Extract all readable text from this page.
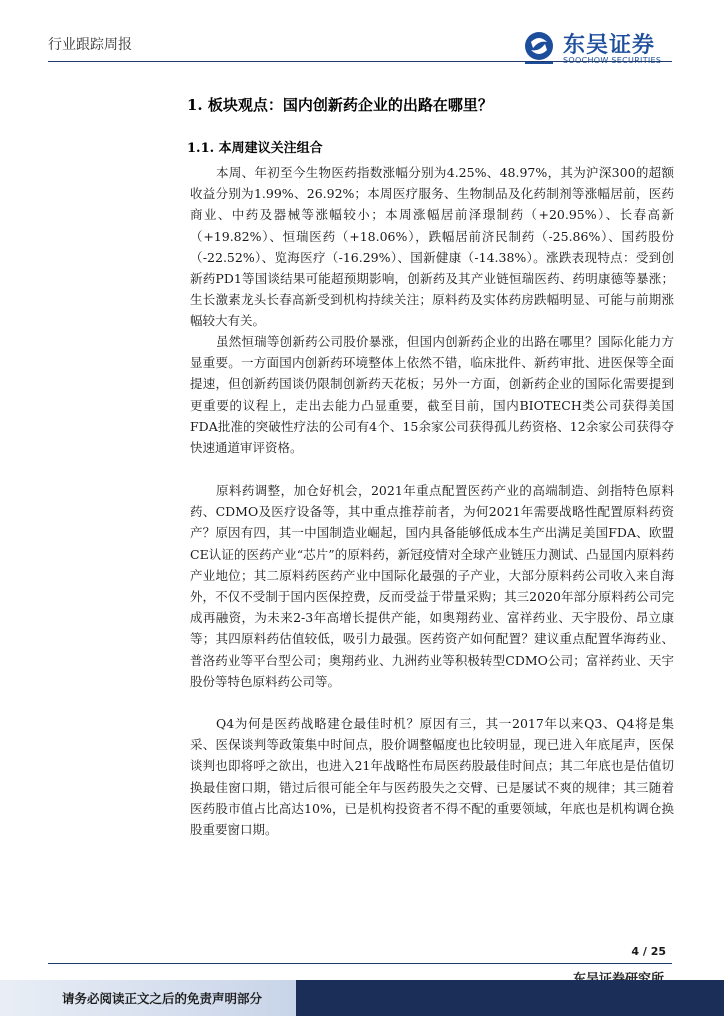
行业跟踪周报	东吴证券
1. 板块观点：国内创新药企业的出路在哪里？
1.1. 本周建议关注组合

本周、年初至今生物医药指数涨幅分别为4.25%、48.97%，其为沪深300的超额收益分别为1.99%、26.92%；本周医疗服务、生物制品及化药制剂等涨幅居前，医药商业、中药及器械等涨幅较小；本周涨幅居前泽璟制药（+20.95%）、长春高新（+19.82%）、恒瑞医药（+18.06%），跌幅居前济民制药（-25.86%）、国药股份（-22.52%）、览海医疗（-16.29%）、国新健康（-14.38%）。涨跌表现特点：受到创新药PD1等国谈结果可能超预期影响，创新药及其产业链恒瑞医药、药明康德等暴涨；生长激素龙头长春高新受到机构持续关注；原料药及实体药房跌幅明显、可能与前期涨幅较大有关。

虽然恒瑞等创新药公司股价暴涨，但国内创新药企业的出路在哪里？国际化能力方显重要。一方面国内创新药环境整体上依然不错，临床批件、新药审批、进医保等全面提速，但创新药国谈仍限制创新药天花板；另外一方面，创新药企业的国际化需要提到更重要的议程上，走出去能力凸显重要，截至目前，国内BIOTECH类公司获得美国FDA批准的突破性疗法的公司有4个、15余家公司获得孤儿药资格、12余家公司获得夺快速通道审评资格。

原料药调整，加仓好机会，2021年重点配置医药产业的高端制造、剑指特色原料药、CDMO及医疗设备等，其中重点推荐前者，为何2021年需要战略性配置原料药资产？原因有四，其一中国制造业崛起，国内具备能够低成本生产出满足美国FDA、欧盟CE认证的医药产业“芯片”的原料药，新冠疫情对全球产业链压力测试、凸显国内原料药产业地位；其二原料药医药产业中国际化最强的子产业，大部分原料药公司收入来自海外，不仅不受制于国内医保控费，反而受益于带量采购；其三2020年部分原料药公司完成再融资，为未来2-3年高增长提供产能，如奥翔药业、富祥药业、天宇股份、昂立康等；其四原料药估值较低，吸引力最强。医药资产如何配置？建议重点配置华海药业、普洛药业等平台型公司；奥翔药业、九洲药业等积极转型CDMO公司；富祥药业、天宇股份等特色原料药公司等。

Q4为何是医药战略建仓最佳时机？原因有三，其一2017年以来Q3、Q4将是集采、医保谈判等政策集中时间点，股价调整幅度也比较明显，现已进入年底尾声，医保谈判也即将呼之欲出，也进入21年战略性布局医药股最佳时间点；其二年底也是估值切换最佳窗口期，错过后很可能全年与医药股失之交臂、已是屡试不爽的规律；其三随着医药股市值占比高达10%，已是机构投资者不得不配的重要领域，年底也是机构调仓换股重要窗口期。

4 / 25
请务必阅读正文之后的免责声明部分
